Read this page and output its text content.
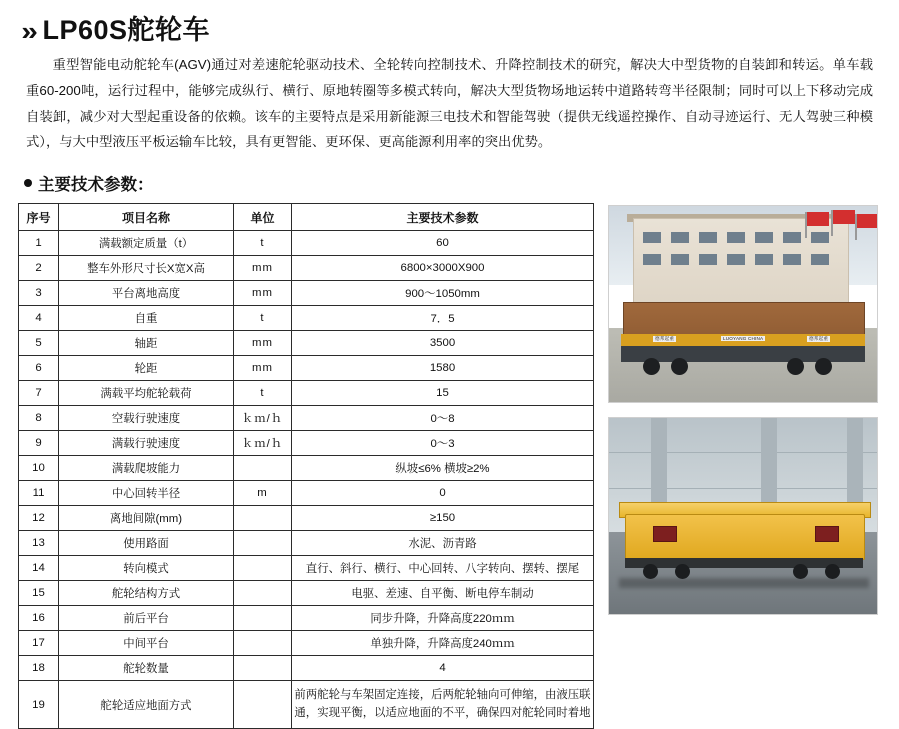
» LP60S舵轮车

重型智能电动舵轮车(AGV)通过对差速舵轮驱动技术、全轮转向控制技术、升降控制技术的研究，解决大中型货物的自装卸和转运。单车载重60-200吨，运行过程中，能够完成纵行、横行、原地转圈等多模式转向，解决大型货物场地运转中道路转弯半径限制；同时可以上下移动完成自装卸，减少对大型起重设备的依赖。该车的主要特点是采用新能源三电技术和智能驾驶（提供无线遥控操作、自动寻迹运行、无人驾驶三种模式），与大中型液压平板运输车比较，具有更智能、更环保、更高能源利用率的突出优势。

主要技术参数：
序号	项目名称	单位	主要技术参数
1	满载额定质量（t）	t	60
2	整车外形尺寸长X宽X高	mm	6800×3000X900
3	平台离地高度	mm	900～1050mm
4	自重	t	7．5
5	轴距	mm	3500
6	轮距	mm	1580
7	满载平均舵轮载荷	t	15
8	空载行驶速度	ｋｍ/ｈ	0～8
9	满载行驶速度	ｋｍ/ｈ	0～3
10	满载爬坡能力		纵坡≤6% 横坡≥2%
11	中心回转半径	m	0
12	离地间隙(mm)		≥150
13	使用路面		水泥、沥青路
14	转向模式		直行、斜行、横行、中心回转、八字转向、摆转、摆尾
15	舵轮结构方式		电驱、差速、自平衡、断电停车制动
16	前后平台		同步升降，升降高度220ｍｍ
17	中间平台		单独升降，升降高度240ｍｍ
18	舵轮数量		4
19	舵轮适应地面方式		前两舵轮与车架固定连接，后两舵轮轴向可伸缩，由液压联通，实现平衡，以适应地面的不平，确保四对舵轮同时着地
德邦起重	LUOYANG CHINA	德邦起重
